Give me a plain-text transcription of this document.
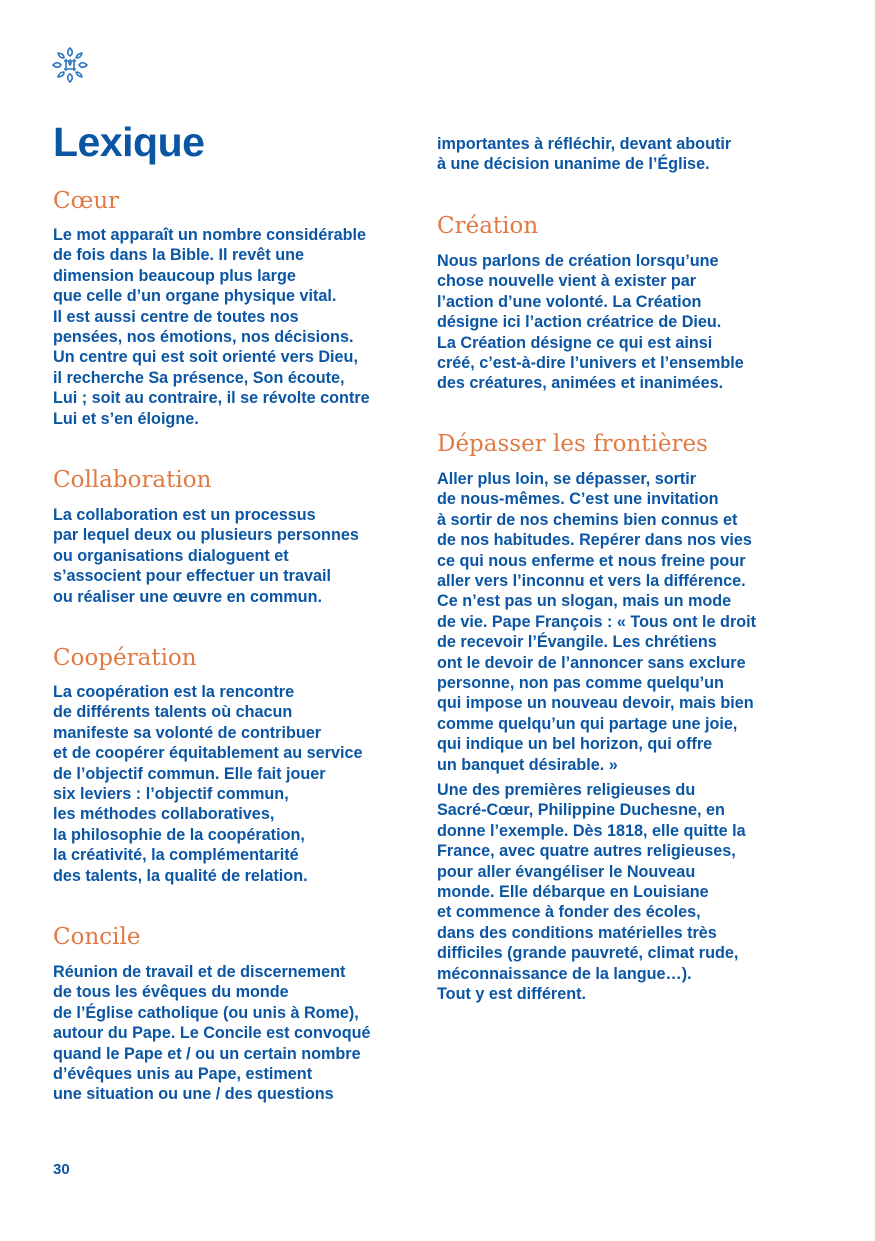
Lexique
Cœur

Le mot apparaît un nombre considérable
de fois dans la Bible. Il revêt une
dimension beaucoup plus large
que celle d’un organe physique vital.
Il est aussi centre de toutes nos
pensées, nos émotions, nos décisions.
Un centre qui est soit orienté vers Dieu,
il recherche Sa présence, Son écoute,
Lui ; soit au contraire, il se révolte contre
Lui et s’en éloigne.

Collaboration

La collaboration est un processus
par lequel deux ou plusieurs personnes
ou organisations dialoguent et
s’associent pour effectuer un travail
ou réaliser une œuvre en commun.

Coopération

La coopération est la rencontre
de différents talents où chacun
manifeste sa volonté de contribuer
et de coopérer équitablement au service
de l’objectif commun. Elle fait jouer
six leviers : l’objectif commun,
les méthodes collaboratives,
la philosophie de la coopération,
la créativité, la complémentarité
des talents, la qualité de relation.

Concile

Réunion de travail et de discernement
de tous les évêques du monde
de l’Église catholique (ou unis à Rome),
autour du Pape. Le Concile est convoqué
quand le Pape et / ou un certain nombre
d’évêques unis au Pape, estiment
une situation ou une / des questions

importantes à réfléchir, devant aboutir
à une décision unanime de l’Église.

Création

Nous parlons de création lorsqu’une
chose nouvelle vient à exister par
l’action d’une volonté. La Création
désigne ici l’action créatrice de Dieu.
La Création désigne ce qui est ainsi
créé, c’est-à-dire l’univers et l’ensemble
des créatures, animées et inanimées.

Dépasser les frontières

Aller plus loin, se dépasser, sortir
de nous-mêmes. C’est une invitation
à sortir de nos chemins bien connus et
de nos habitudes. Repérer dans nos vies
ce qui nous enferme et nous freine pour
aller vers l’inconnu et vers la différence.
Ce n’est pas un slogan, mais un mode
de vie. Pape François : « Tous ont le droit
de recevoir l’Évangile. Les chrétiens
ont le devoir de l’annoncer sans exclure
personne, non pas comme quelqu’un
qui impose un nouveau devoir, mais bien
comme quelqu’un qui partage une joie,
qui indique un bel horizon, qui offre
un banquet désirable. »

Une des premières religieuses du
Sacré-Cœur, Philippine Duchesne, en
donne l’exemple. Dès 1818, elle quitte la
France, avec quatre autres religieuses,
pour aller évangéliser le Nouveau
monde. Elle débarque en Louisiane
et commence à fonder des écoles,
dans des conditions matérielles très
difficiles (grande pauvreté, climat rude,
méconnaissance de la langue…).
Tout y est différent.

30
